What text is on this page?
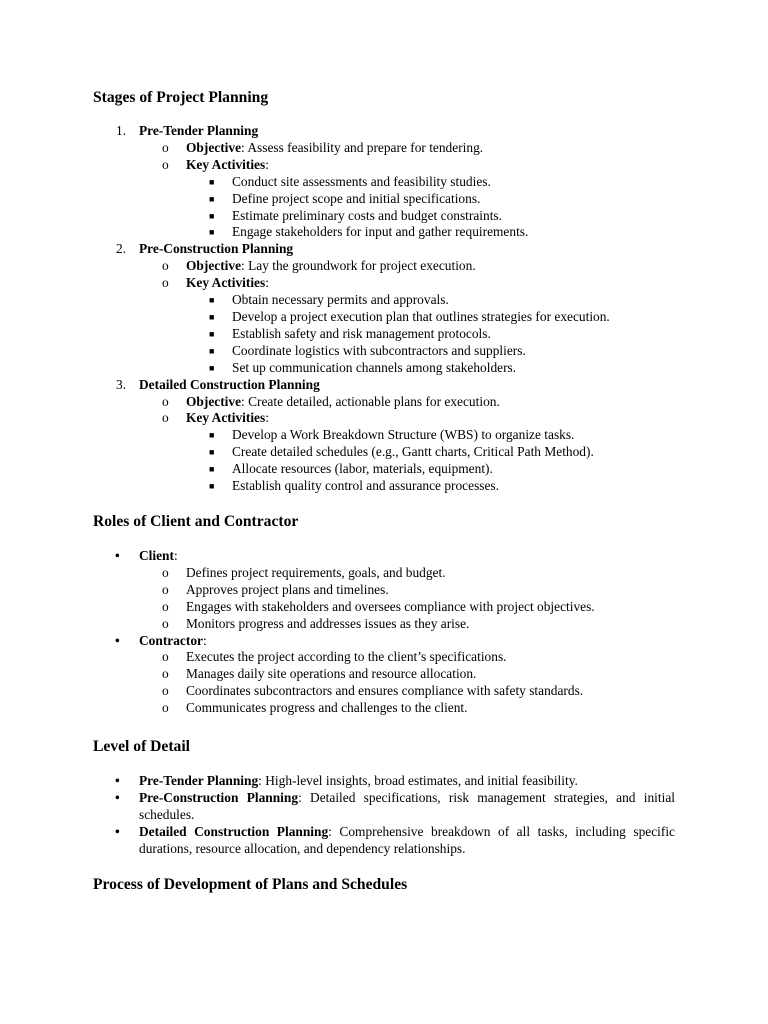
Stages of Project Planning
1. Pre-Tender Planning
o Objective: Assess feasibility and prepare for tendering.
o Key Activities:
■ Conduct site assessments and feasibility studies.
■ Define project scope and initial specifications.
■ Estimate preliminary costs and budget constraints.
■ Engage stakeholders for input and gather requirements.
2. Pre-Construction Planning
o Objective: Lay the groundwork for project execution.
o Key Activities:
■ Obtain necessary permits and approvals.
■ Develop a project execution plan that outlines strategies for execution.
■ Establish safety and risk management protocols.
■ Coordinate logistics with subcontractors and suppliers.
■ Set up communication channels among stakeholders.
3. Detailed Construction Planning
o Objective: Create detailed, actionable plans for execution.
o Key Activities:
■ Develop a Work Breakdown Structure (WBS) to organize tasks.
■ Create detailed schedules (e.g., Gantt charts, Critical Path Method).
■ Allocate resources (labor, materials, equipment).
■ Establish quality control and assurance processes.
Roles of Client and Contractor
• Client:
o Defines project requirements, goals, and budget.
o Approves project plans and timelines.
o Engages with stakeholders and oversees compliance with project objectives.
o Monitors progress and addresses issues as they arise.
• Contractor:
o Executes the project according to the client’s specifications.
o Manages daily site operations and resource allocation.
o Coordinates subcontractors and ensures compliance with safety standards.
o Communicates progress and challenges to the client.
Level of Detail
• Pre-Tender Planning: High-level insights, broad estimates, and initial feasibility.
• Pre-Construction Planning: Detailed specifications, risk management strategies, and initial schedules.
• Detailed Construction Planning: Comprehensive breakdown of all tasks, including specific durations, resource allocation, and dependency relationships.
Process of Development of Plans and Schedules
